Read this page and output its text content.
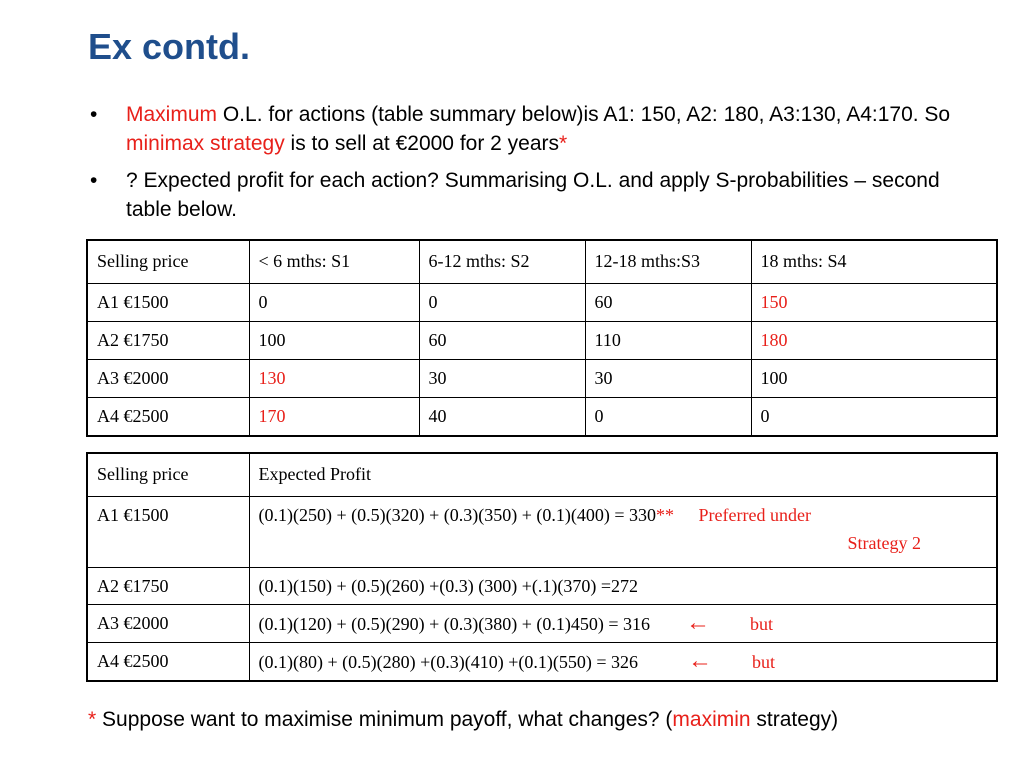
Ex contd.
• Maximum O.L. for actions (table summary below)is A1: 150, A2: 180, A3:130, A4:170. So minimax strategy is to sell at €2000 for 2 years*
• ? Expected profit for each action? Summarising O.L. and apply S-probabilities – second table below.
Selling price	< 6 mths: S1	6-12 mths: S2	12-18 mths:S3	18 mths: S4
A1 €1500	0	0	60	150
A2 €1750	100	60	110	180
A3 €2000	130	30	30	100
A4 €2500	170	40	0	0
Selling price	Expected Profit
A1 €1500	(0.1)(250) + (0.5)(320) + (0.3)(350) + (0.1)(400) = 330** Preferred under
Strategy 2

A2 €1750	(0.1)(150) + (0.5)(260) +(0.3) (300) +(.1)(370) =272
A3 €2000	(0.1)(120) + (0.5)(290) + (0.3)(380) + (0.1)450) = 316 ← but
A4 €2500	(0.1)(80) + (0.5)(280) +(0.3)(410) +(0.1)(550) = 326 ← but
* Suppose want to maximise minimum payoff, what changes? (maximin strategy)
